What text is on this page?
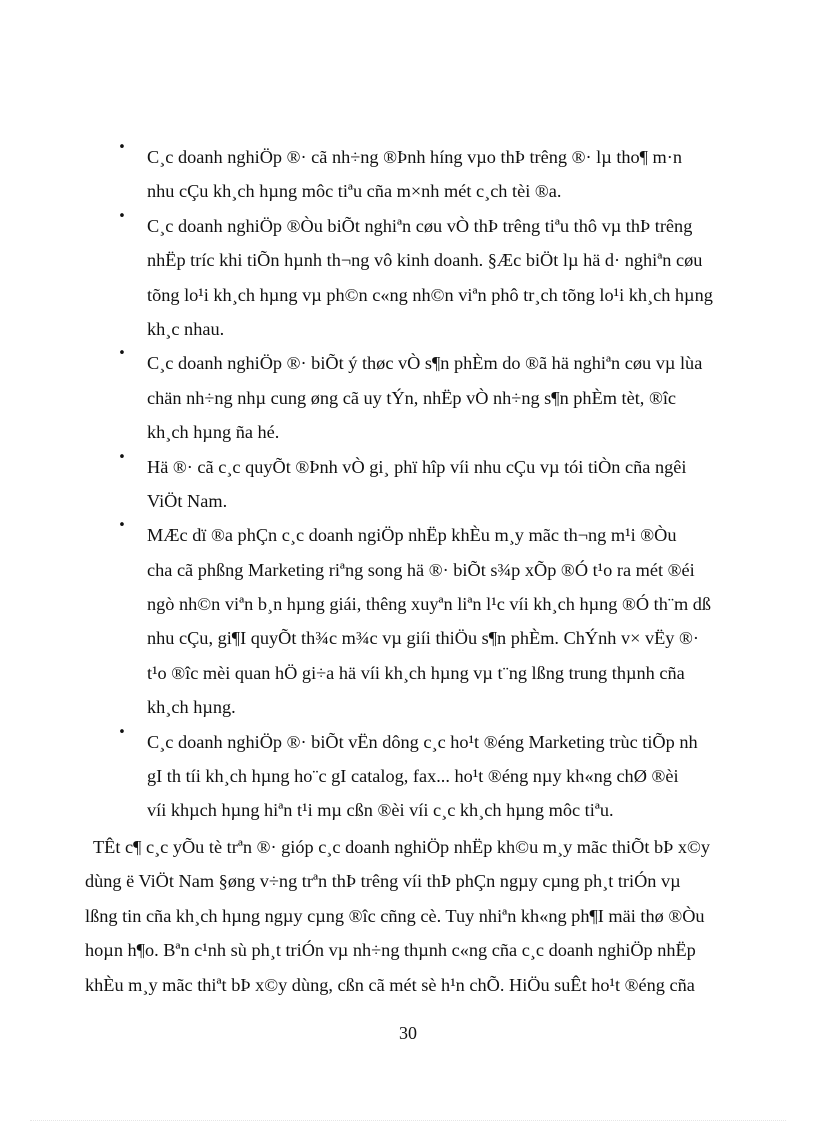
• C¸c doanh nghiÖp ®· cã nh÷ng ®Þnh híng vµo thÞ trêng ®· lµ tho¶ m·n
nhu cÇu kh¸ch hµng môc tiªu cña m×nh mét c¸ch tèi ®a.
• C¸c doanh nghiÖp ®Òu biÕt nghiªn cøu vÒ thÞ trêng tiªu thô vµ thÞ trêng
nhËp tríc khi tiÕn hµnh th¬ng vô kinh doanh. §Æc biÖt lµ hä d· nghiªn cøu
tõng lo¹i kh¸ch hµng vµ ph©n c«ng nh©n viªn phô tr¸ch tõng lo¹i kh¸ch hµng
kh¸c nhau.
• C¸c doanh nghiÖp ®· biÕt ý thøc vÒ s¶n phÈm do ®ã hä nghiªn cøu vµ lùa
chän nh÷ng nhµ cung øng cã uy tÝn, nhËp vÒ nh÷ng s¶n phÈm tèt, ®îc
kh¸ch hµng ña hé.
• Hä ®· cã c¸c quyÕt ®Þnh vÒ gi¸ phï hîp víi nhu cÇu vµ tói tiÒn cña ngêi
ViÖt Nam.
• MÆc dï ®a phÇn c¸c doanh ngiÖp nhËp khÈu m¸y mãc th¬ng m¹i ®Òu
cha cã phßng Marketing riªng song hä ®· biÕt s¾p xÕp ®Ó t¹o ra mét ®éi
ngò nh©n viªn b¸n hµng giái, thêng xuyªn liªn l¹c víi kh¸ch hµng ®Ó th¨m dß
nhu cÇu, gi¶I quyÕt th¾c m¾c vµ giíi thiÖu s¶n phÈm. ChÝnh v× vËy ®·
t¹o ®îc mèi quan hÖ gi÷a hä víi kh¸ch hµng vµ t¨ng lßng trung thµnh cña
kh¸ch hµng.
• C¸c doanh nghiÖp ®· biÕt vËn dông c¸c ho¹t ®éng Marketing trùc tiÕp nh
gI th tíi kh¸ch hµng ho¨c gI catalog, fax... ho¹t ®éng nµy kh«ng chØ ®èi
víi khµch hµng hiªn t¹i mµ cßn ®èi víi c¸c kh¸ch hµng môc tiªu.
TÊt c¶ c¸c yÕu tè trªn ®· gióp c¸c doanh nghiÖp nhËp kh©u m¸y mãc thiÕt bÞ x©y
dùng ë ViÖt Nam §øng v÷ng trªn thÞ trêng víi thÞ phÇn ngµy cµng ph¸t triÓn vµ
lßng tin cña kh¸ch hµng ngµy cµng ®îc cñng cè. Tuy nhiªn kh«ng ph¶I mäi thø ®Òu
hoµn h¶o. Bªn c¹nh sù ph¸t triÓn vµ nh÷ng thµnh c«ng cña c¸c doanh nghiÖp nhËp
khÈu m¸y mãc thiªt bÞ x©y dùng, cßn cã mét sè h¹n chÕ. HiÖu suÊt ho¹t ®éng cña
30
